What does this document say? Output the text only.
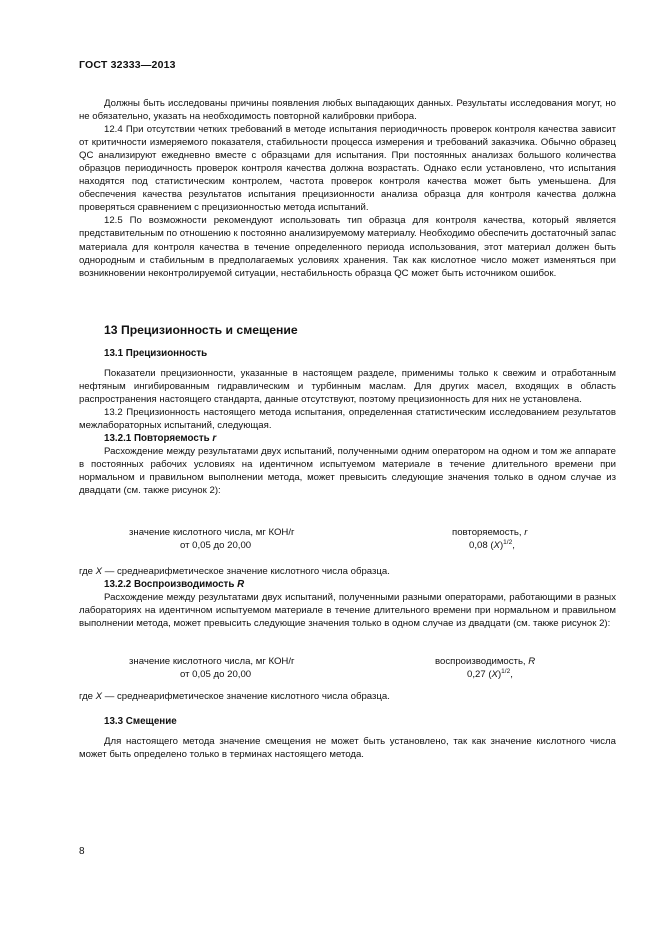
ГОСТ 32333—2013

Должны быть исследованы причины появления любых выпадающих данных. Результаты исследования могут, но не обязательно, указать на необходимость повторной калибровки прибора.

12.4 При отсутствии четких требований в методе испытания периодичность проверок контроля качества зависит от критичности измеряемого показателя, стабильности процесса измерения и требований заказчика. Обычно образец QC анализируют ежедневно вместе с образцами для испытания. При постоянных анализах большого количества образцов периодичность проверок контроля качества должна возрастать. Однако если установлено, что испытания находятся под статистическим контролем, частота проверок контроля качества может быть уменьшена. Для обеспечения качества результатов испытания прецизионности анализа образца для контроля качества должна проверяться сравнением с прецизионностью метода испытаний.

12.5 По возможности рекомендуют использовать тип образца для контроля качества, который является представительным по отношению к постоянно анализируемому материалу. Необходимо обеспечить достаточный запас материала для контроля качества в течение определенного периода использования, этот материал должен быть однородным и стабильным в предполагаемых условиях хранения. Так как кислотное число может изменяться при возникновении неконтролируемой ситуации, нестабильность образца QC может быть источником ошибок.

13 Прецизионность и смещение
13.1 Прецизионность

Показатели прецизионности, указанные в настоящем разделе, применимы только к свежим и отработанным нефтяным ингибированным гидравлическим и турбинным маслам. Для других масел, входящих в область распространения настоящего стандарта, данные отсутствуют, поэтому прецизионность для них не установлена.

13.2 Прецизионность настоящего метода испытания, определенная статистическим исследованием результатов межлабораторных испытаний, следующая.

13.2.1 Повторяемость r

Расхождение между результатами двух испытаний, полученными одним оператором на одном и том же аппарате в постоянных рабочих условиях на идентичном испытуемом материале в течение длительного времени при нормальном и правильном выполнении метода, может превысить следующие значения только в одном случае из двадцати (см. также рисунок 2):

значение кислотного числа, мг КОН/г
от 0,05 до 20,00
повторяемость, r
0,08 $(X)^{1/2}$,

где X — среднеарифметическое значение кислотного числа образца.

13.2.2 Воспроизводимость R

Расхождение между результатами двух испытаний, полученными разными операторами, работающими в разных лабораториях на идентичном испытуемом материале в течение длительного времени при нормальном и правильном выполнении метода, может превысить следующие значения только в одном случае из двадцати (см. также рисунок 2):

значение кислотного числа, мг КОН/г
от 0,05 до 20,00
воспроизводимость, R
0,27 $(X)^{1/2}$,

где X — среднеарифметическое значение кислотного числа образца.

13.3 Смещение

Для настоящего метода значение смещения не может быть установлено, так как значение кислотного числа может быть определено только в терминах настоящего метода.

8
